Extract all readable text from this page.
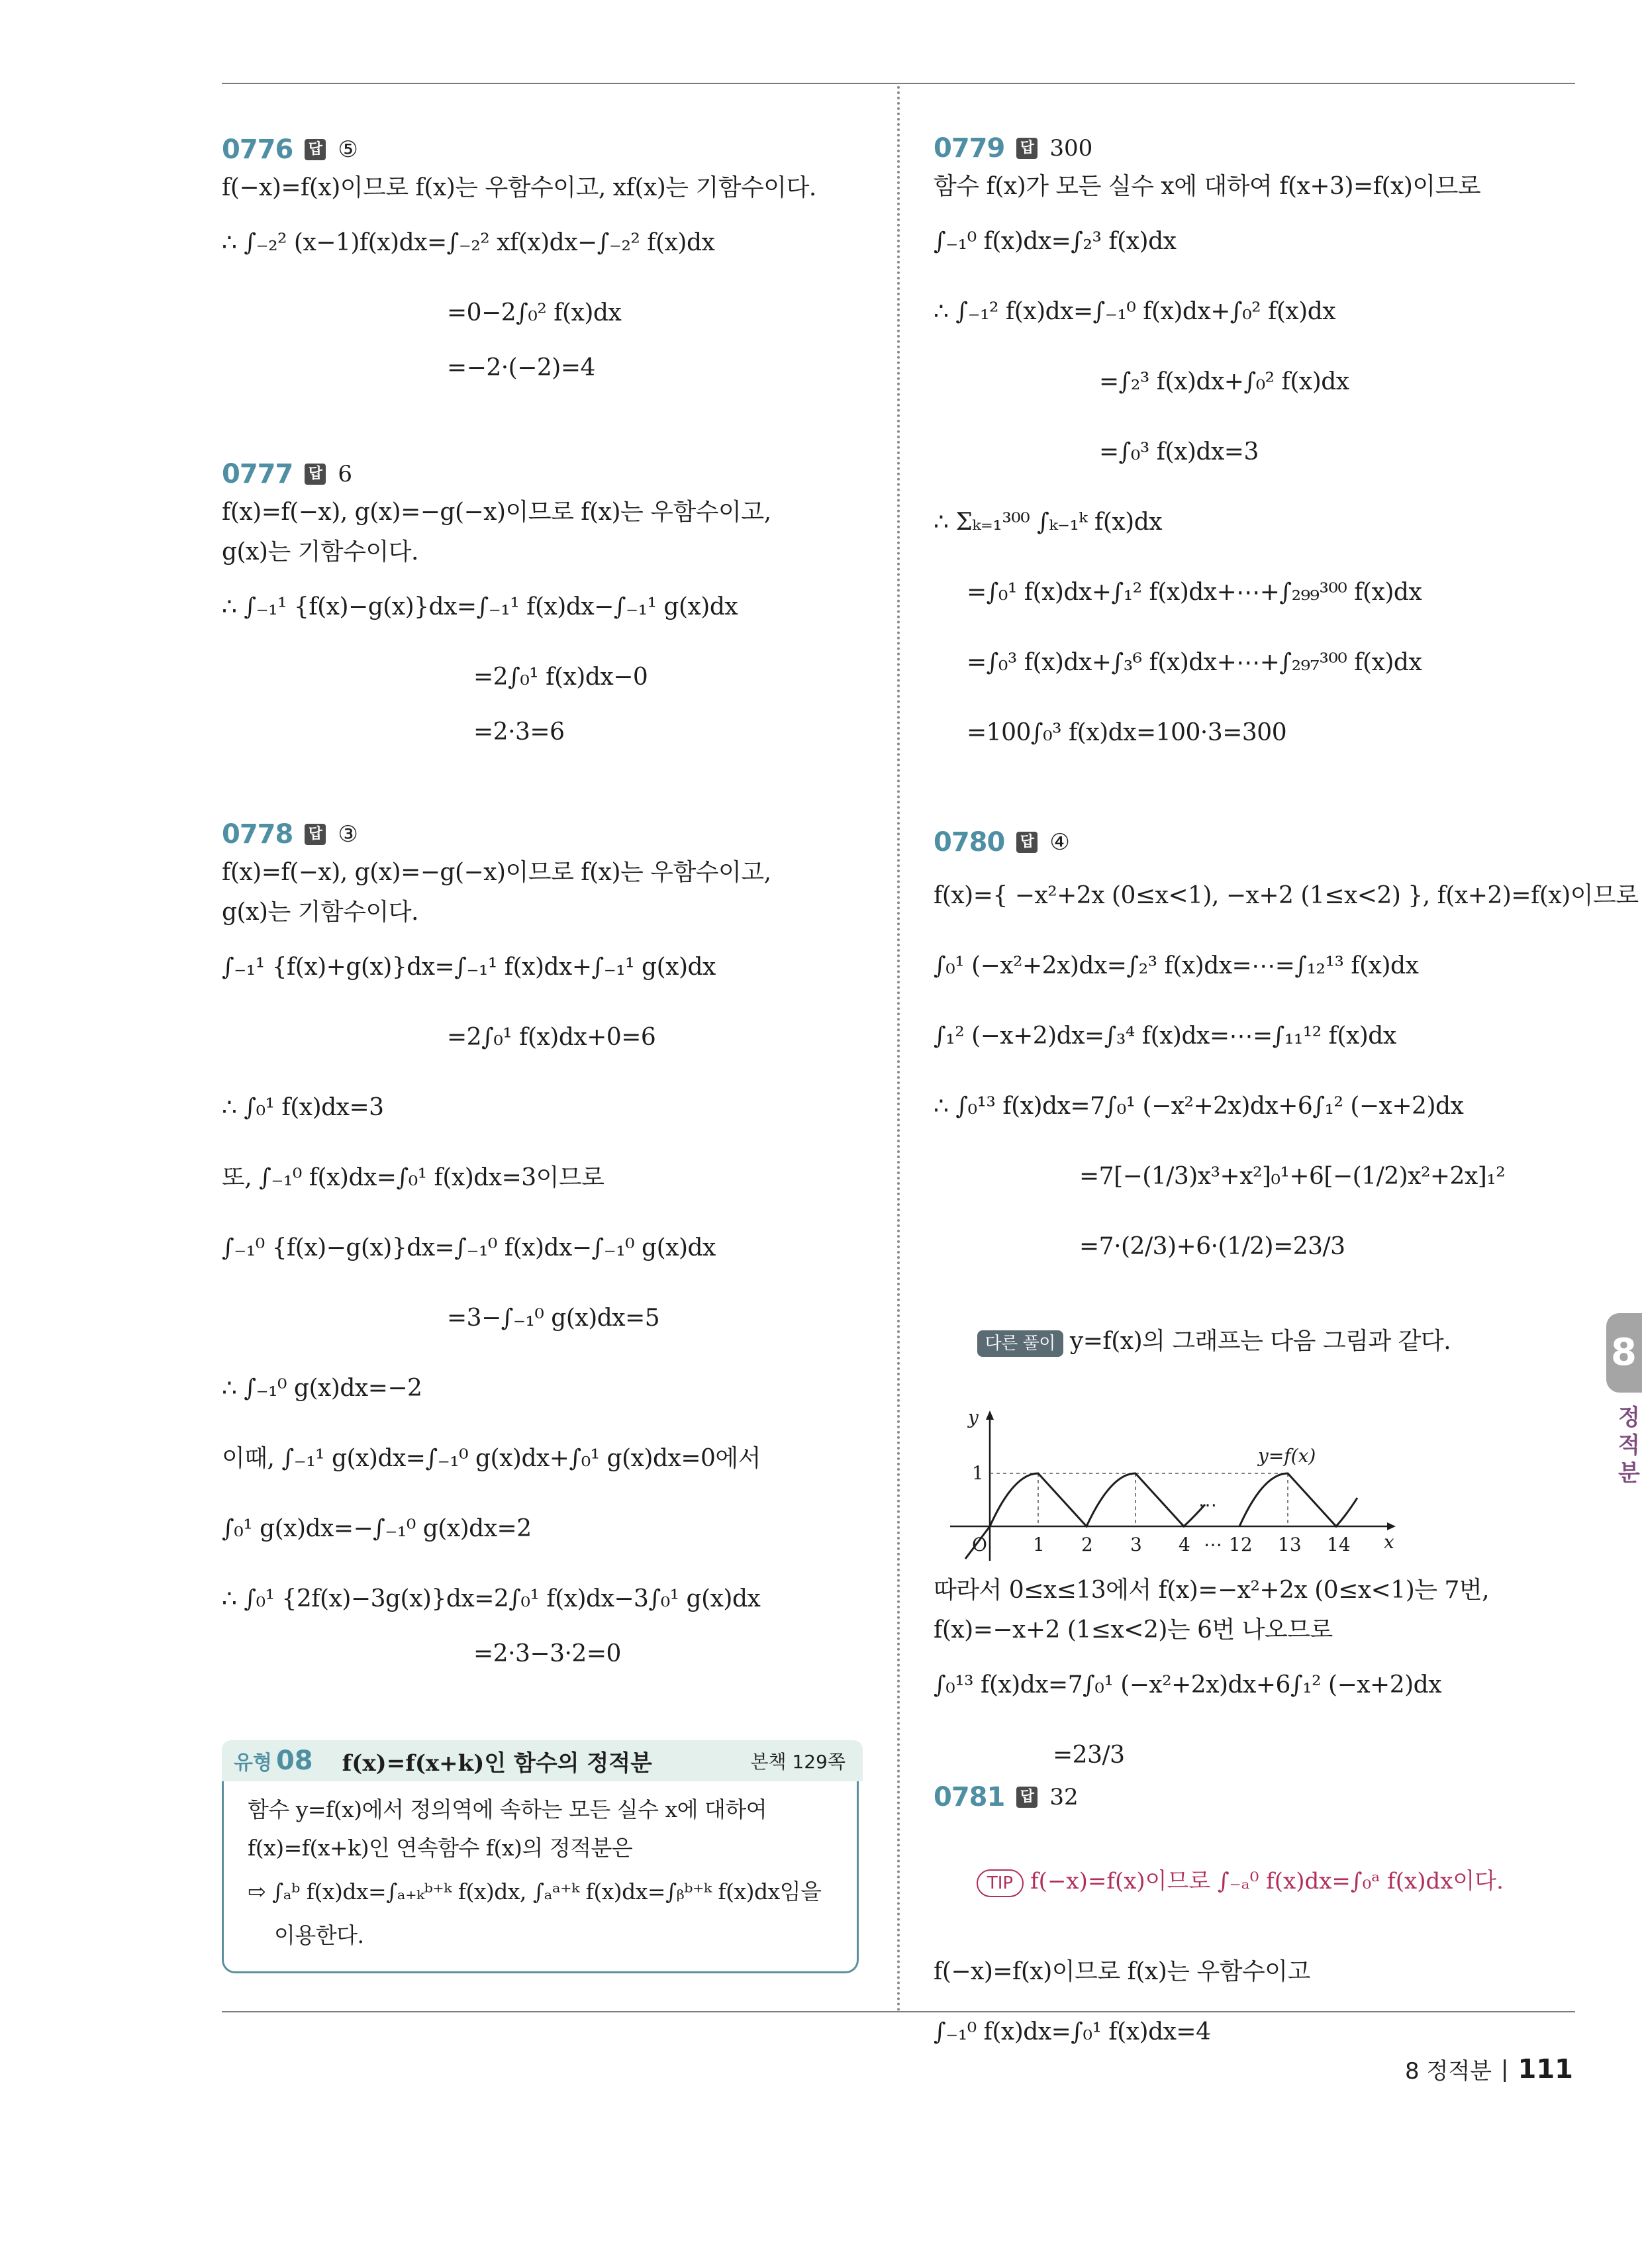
0776 답 ⑤
f(−x)=f(x)이므로 f(x)는 우함수이고, xf(x)는 기함수이다.
∴ ∫₋₂² (x−1)f(x)dx=∫₋₂² xf(x)dx−∫₋₂² f(x)dx
=0−2∫₀² f(x)dx
=−2·(−2)=4
0777 답 6
f(x)=f(−x), g(x)=−g(−x)이므로 f(x)는 우함수이고,
g(x)는 기함수이다.
∴ ∫₋₁¹ {f(x)−g(x)}dx=∫₋₁¹ f(x)dx−∫₋₁¹ g(x)dx
=2∫₀¹ f(x)dx−0
=2·3=6
0778 답 ③
f(x)=f(−x), g(x)=−g(−x)이므로 f(x)는 우함수이고,
g(x)는 기함수이다.
∫₋₁¹ {f(x)+g(x)}dx=∫₋₁¹ f(x)dx+∫₋₁¹ g(x)dx
=2∫₀¹ f(x)dx+0=6
∴ ∫₀¹ f(x)dx=3
또, ∫₋₁⁰ f(x)dx=∫₀¹ f(x)dx=3이므로
∫₋₁⁰ {f(x)−g(x)}dx=∫₋₁⁰ f(x)dx−∫₋₁⁰ g(x)dx
=3−∫₋₁⁰ g(x)dx=5
∴ ∫₋₁⁰ g(x)dx=−2
이때, ∫₋₁¹ g(x)dx=∫₋₁⁰ g(x)dx+∫₀¹ g(x)dx=0에서
∫₀¹ g(x)dx=−∫₋₁⁰ g(x)dx=2
∴ ∫₀¹ {2f(x)−3g(x)}dx=2∫₀¹ f(x)dx−3∫₀¹ g(x)dx
=2·3−3·2=0
유형 08 f(x)=f(x+k)인 함수의 정적분	본책 129쪽
함수 y=f(x)에서 정의역에 속하는 모든 실수 x에 대하여
f(x)=f(x+k)인 연속함수 f(x)의 정적분은
⇨ ∫ₐᵇ f(x)dx=∫ₐ₊ₖᵇ⁺ᵏ f(x)dx, ∫ₐᵃ⁺ᵏ f(x)dx=∫ᵦᵇ⁺ᵏ f(x)dx임을
이용한다.
0779 답 300
함수 f(x)가 모든 실수 x에 대하여 f(x+3)=f(x)이므로
∫₋₁⁰ f(x)dx=∫₂³ f(x)dx
∴ ∫₋₁² f(x)dx=∫₋₁⁰ f(x)dx+∫₀² f(x)dx
=∫₂³ f(x)dx+∫₀² f(x)dx
=∫₀³ f(x)dx=3
∴ Σₖ₌₁³⁰⁰ ∫ₖ₋₁ᵏ f(x)dx
=∫₀¹ f(x)dx+∫₁² f(x)dx+⋯+∫₂₉₉³⁰⁰ f(x)dx
=∫₀³ f(x)dx+∫₃⁶ f(x)dx+⋯+∫₂₉₇³⁰⁰ f(x)dx
=100∫₀³ f(x)dx=100·3=300
0780 답 ④
f(x)={ −x²+2x (0≤x<1), −x+2 (1≤x<2) }, f(x+2)=f(x)이므로
∫₀¹ (−x²+2x)dx=∫₂³ f(x)dx=⋯=∫₁₂¹³ f(x)dx
∫₁² (−x+2)dx=∫₃⁴ f(x)dx=⋯=∫₁₁¹² f(x)dx
∴ ∫₀¹³ f(x)dx=7∫₀¹ (−x²+2x)dx+6∫₁² (−x+2)dx
=7[−(1/3)x³+x²]₀¹+6[−(1/2)x²+2x]₁²
=7·(2/3)+6·(1/2)=23/3

다른 풀이 y=f(x)의 그래프는 다음 그림과 같다.

y
x
O
1
⋯
y=f(x)
1 2 3 4 ⋯ 12 13 14
따라서 0≤x≤13에서 f(x)=−x²+2x (0≤x<1)는 7번,
f(x)=−x+2 (1≤x<2)는 6번 나오므로
∫₀¹³ f(x)dx=7∫₀¹ (−x²+2x)dx+6∫₁² (−x+2)dx
=23/3
0781 답 32

TIP f(−x)=f(x)이므로 ∫₋ₐ⁰ f(x)dx=∫₀ᵃ f(x)dx이다.

f(−x)=f(x)이므로 f(x)는 우함수이고
∫₋₁⁰ f(x)dx=∫₀¹ f(x)dx=4
8
정적분
8 정적분 | 111
